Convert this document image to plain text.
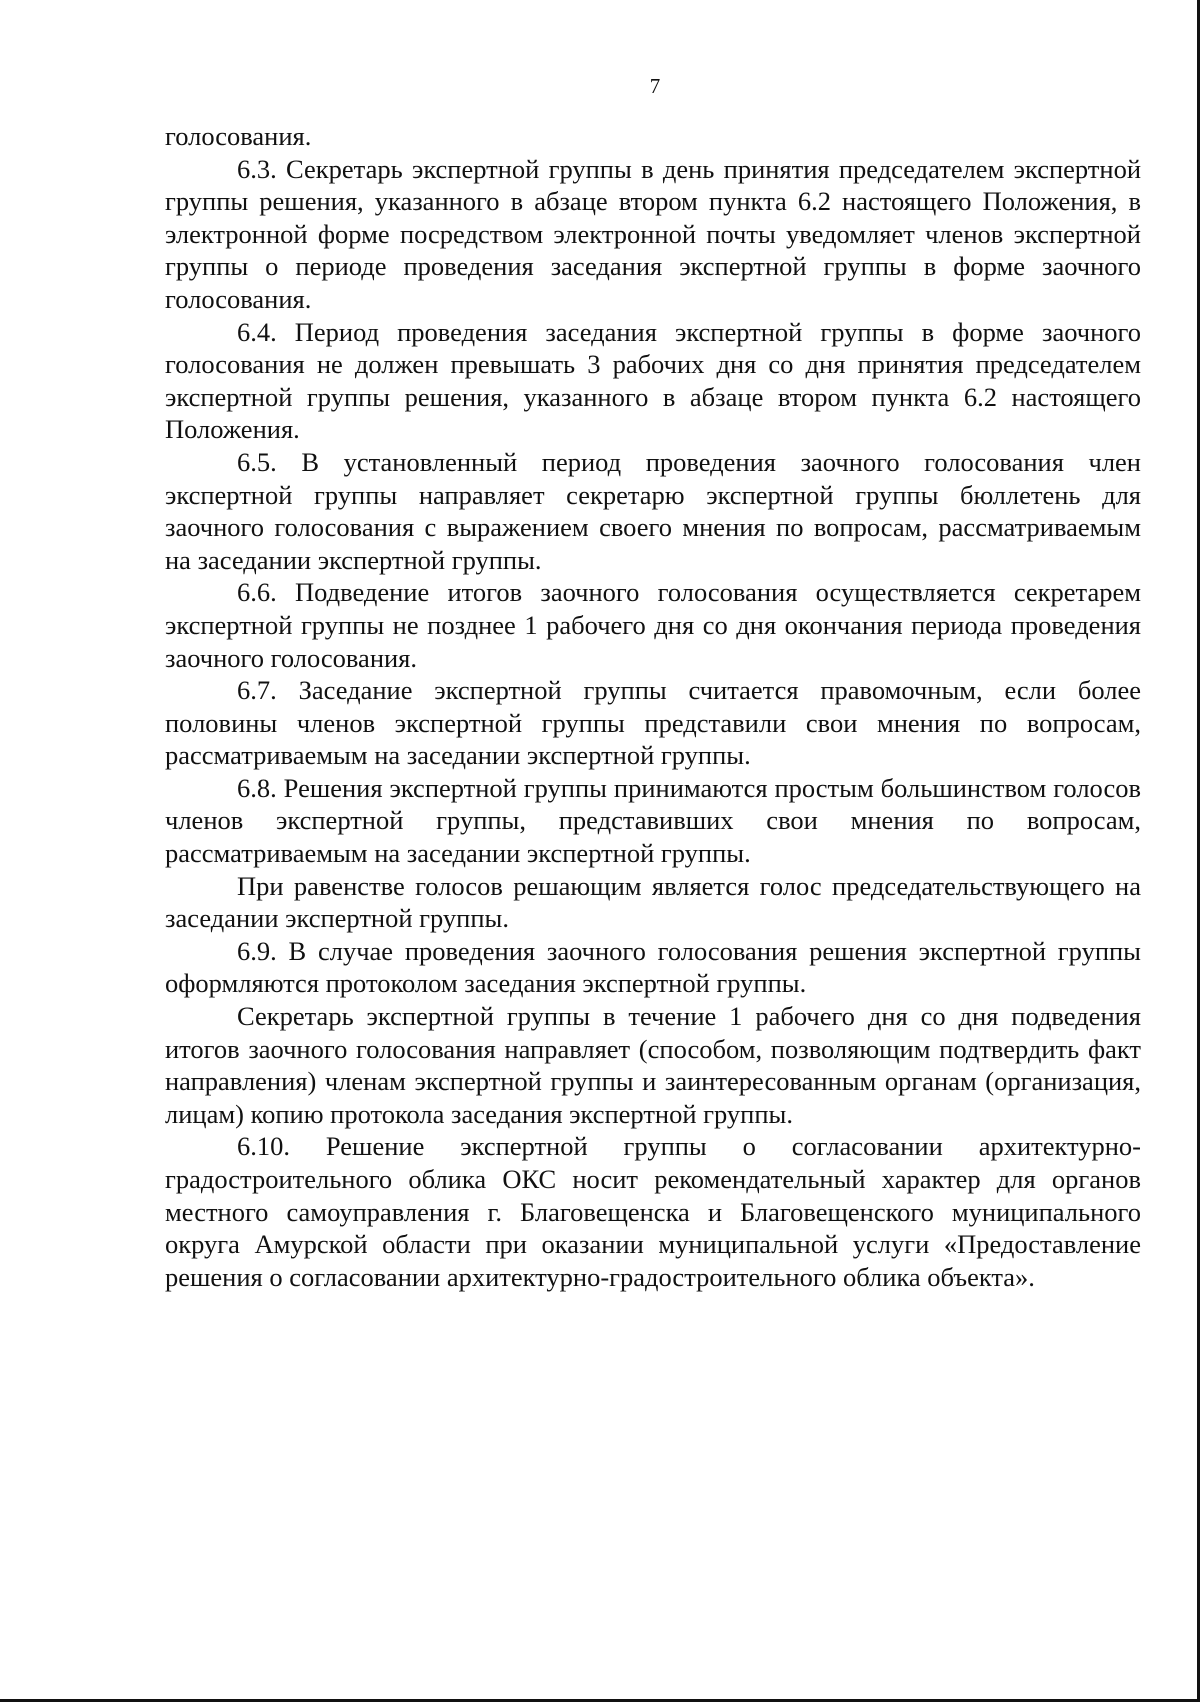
7

голосования.

6.3. Секретарь экспертной группы в день принятия председателем экспертной группы решения, указанного в абзаце втором пункта 6.2 настоящего Положения, в электронной форме посредством электронной почты уведомляет членов экспертной группы о периоде проведения заседания экспертной группы в форме заочного голосования.

6.4. Период проведения заседания экспертной группы в форме заочного голосования не должен превышать 3 рабочих дня со дня принятия председателем экспертной группы решения, указанного в абзаце втором пункта 6.2 настоящего Положения.

6.5. В установленный период проведения заочного голосования член экспертной группы направляет секретарю экспертной группы бюллетень для заочного голосования с выражением своего мнения по вопросам, рассматриваемым на заседании экспертной группы.

6.6. Подведение итогов заочного голосования осуществляется секретарем экспертной группы не позднее 1 рабочего дня со дня окончания периода проведения заочного голосования.

6.7. Заседание экспертной группы считается правомочным, если более половины членов экспертной группы представили свои мнения по вопросам, рассматриваемым на заседании экспертной группы.

6.8. Решения экспертной группы принимаются простым большинством голосов членов экспертной группы, представивших свои мнения по вопросам, рассматриваемым на заседании экспертной группы.

При равенстве голосов решающим является голос председательствующего на заседании экспертной группы.

6.9. В случае проведения заочного голосования решения экспертной группы оформляются протоколом заседания экспертной группы.

Секретарь экспертной группы в течение 1 рабочего дня со дня подведения итогов заочного голосования направляет (способом, позволяющим подтвердить факт направления) членам экспертной группы и заинтересованным органам (организация, лицам) копию протокола заседания экспертной группы.

6.10. Решение экспертной группы о согласовании архитектурно-градостроительного облика ОКС носит рекомендательный характер для органов местного самоуправления г. Благовещенска и Благовещенского муниципального округа Амурской области при оказании муниципальной услуги «Предоставление решения о согласовании архитектурно-градостроительного облика объекта».
